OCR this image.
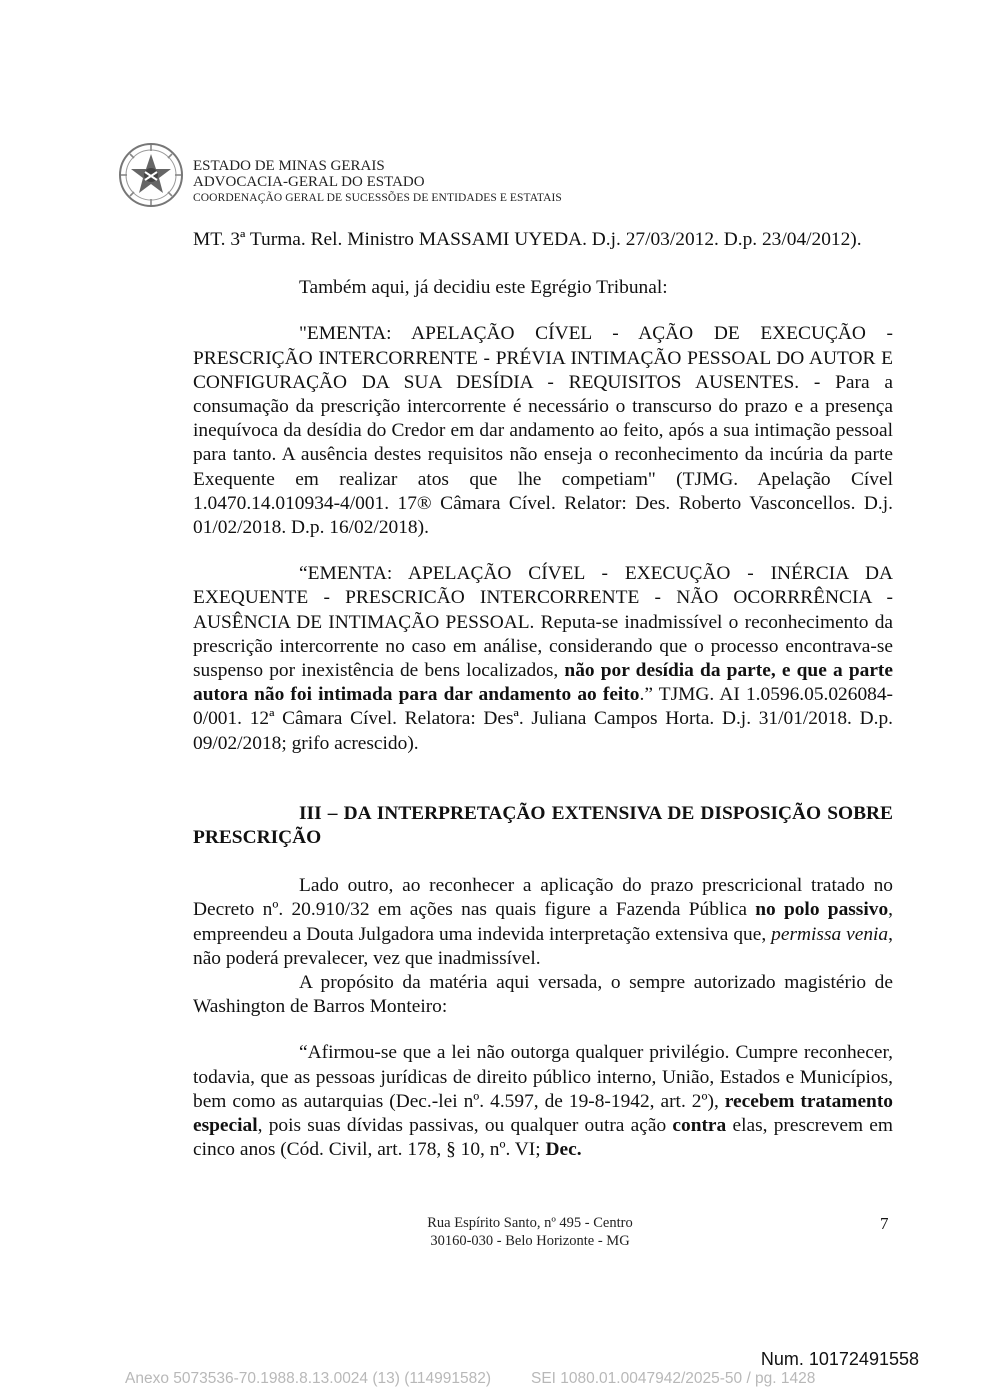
ESTADO DE MINAS GERAIS
ADVOCACIA-GERAL DO ESTADO
COORDENAÇÃO GERAL DE SUCESSÕES DE ENTIDADES E ESTATAIS

MT. 3ª Turma. Rel. Ministro MASSAMI UYEDA. D.j. 27/03/2012. D.p. 23/04/2012).

Também aqui, já decidiu este Egrégio Tribunal:

"EMENTA: APELAÇÃO CÍVEL - AÇÃO DE EXECUÇÃO - PRESCRIÇÃO INTERCORRENTE - PRÉVIA INTIMAÇÃO PESSOAL DO AUTOR E CONFIGURAÇÃO DA SUA DESÍDIA - REQUISITOS AUSENTES. - Para a consumação da prescrição intercorrente é necessário o transcurso do prazo e a presença inequívoca da desídia do Credor em dar andamento ao feito, após a sua intimação pessoal para tanto. A ausência destes requisitos não enseja o reconhecimento da incúria da parte Exequente em realizar atos que lhe competiam" (TJMG. Apelação Cível 1.0470.14.010934-4/001. 17® Câmara Cível. Relator: Des. Roberto Vasconcellos. D.j. 01/02/2018. D.p. 16/02/2018).

“EMENTA: APELAÇÃO CÍVEL - EXECUÇÃO - INÉRCIA DA EXEQUENTE - PRESCRICÃO INTERCORRENTE - NÃO OCORRRÊNCIA - AUSÊNCIA DE INTIMAÇÃO PESSOAL. Reputa-se inadmissível o reconhecimento da prescrição intercorrente no caso em análise, considerando que o processo encontrava-se suspenso por inexistência de bens localizados, não por desídia da parte, e que a parte autora não foi intimada para dar andamento ao feito.” TJMG. AI 1.0596.05.026084-0/001. 12ª Câmara Cível. Relatora: Desª. Juliana Campos Horta. D.j. 31/01/2018. D.p. 09/02/2018; grifo acrescido).

III – DA INTERPRETAÇÃO EXTENSIVA DE DISPOSIÇÃO SOBRE PRESCRIÇÃO

Lado outro, ao reconhecer a aplicação do prazo prescricional tratado no Decreto nº. 20.910/32 em ações nas quais figure a Fazenda Pública no polo passivo, empreendeu a Douta Julgadora uma indevida interpretação extensiva que, permissa venia, não poderá prevalecer, vez que inadmissível.

A propósito da matéria aqui versada, o sempre autorizado magistério de Washington de Barros Monteiro:

“Afirmou-se que a lei não outorga qualquer privilégio. Cumpre reconhecer, todavia, que as pessoas jurídicas de direito público interno, União, Estados e Municípios, bem como as autarquias (Dec.-lei nº. 4.597, de 19-8-1942, art. 2º), recebem tratamento especial, pois suas dívidas passivas, ou qualquer outra ação contra elas, prescrevem em cinco anos (Cód. Civil, art. 178, § 10, nº. VI; Dec.

Rua Espírito Santo, nº 495 - Centro
30160-030 - Belo Horizonte - MG
7
Num. 10172491558
Anexo 5073536-70.1988.8.13.0024 (13) (114991582)	SEI 1080.01.0047942/2025-50 / pg. 1428
